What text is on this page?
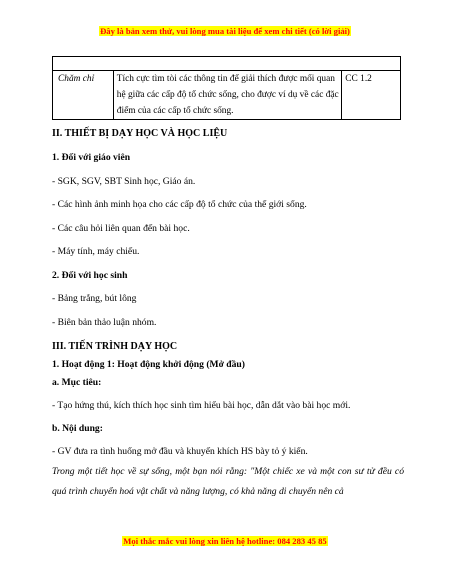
Đây là bản xem thử, vui lòng mua tài liệu để xem chi tiết (có lời giải)

Chăm chỉ	Tích cực tìm tòi các thông tin để giải thích được mối quan hệ giữa các cấp độ tổ chức sống, cho được ví dụ về các đặc điểm của các cấp tổ chức sống.	CC 1.2
II. THIẾT BỊ DẠY HỌC VÀ HỌC LIỆU
1. Đối với giáo viên
- SGK, SGV, SBT Sinh học, Giáo án.
- Các hình ảnh minh họa cho các cấp độ tổ chức của thế giới sống.
- Các câu hỏi liên quan đến bài học.
- Máy tính, máy chiếu.
2. Đối với học sinh
- Bảng trắng, bút lông
- Biên bản thảo luận nhóm.
III. TIẾN TRÌNH DẠY HỌC
1. Hoạt động 1: Hoạt động khởi động (Mở đầu)
a. Mục tiêu:
- Tạo hứng thú, kích thích học sinh tìm hiểu bài học, dẫn dắt vào bài học mới.
b. Nội dung:
- GV đưa ra tình huống mở đầu và khuyến khích HS bày tỏ ý kiến.
Trong một tiết học về sự sống, một bạn nói rằng: "Một chiếc xe và một con sư tử đều có quá trình chuyển hoá vật chất và năng lượng, có khả năng di chuyển nên cả
Mọi thắc mắc vui lòng xin liên hệ hotline: 084 283 45 85
